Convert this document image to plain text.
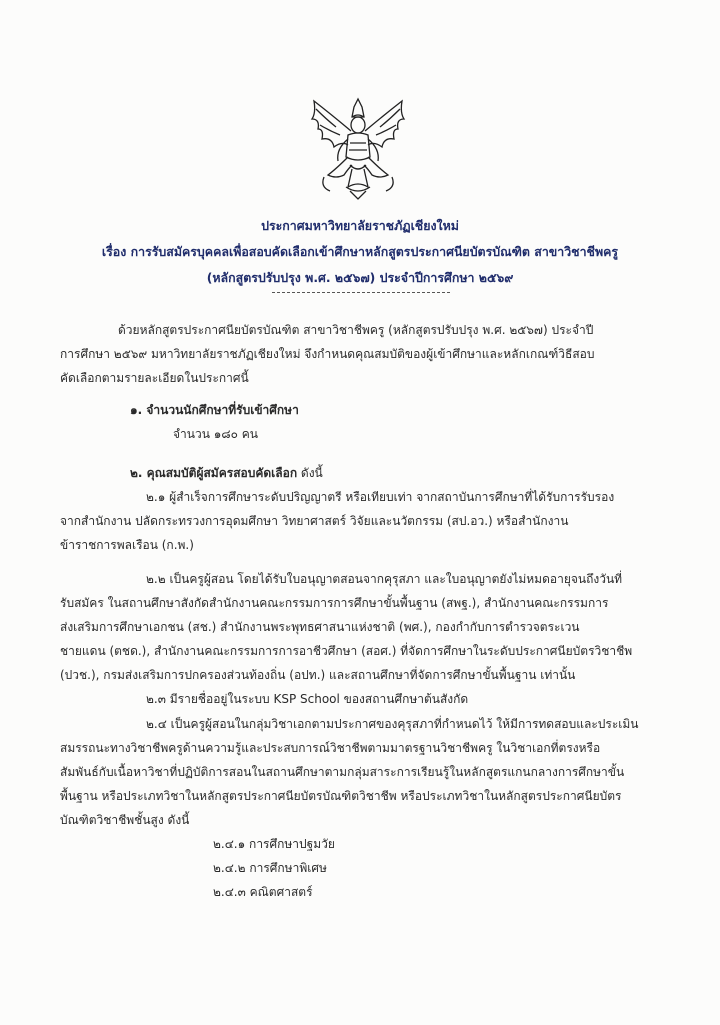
ประกาศมหาวิทยาลัยราชภัฏเชียงใหม่
เรื่อง การรับสมัครบุคคลเพื่อสอบคัดเลือกเข้าศึกษาหลักสูตรประกาศนียบัตรบัณฑิต สาขาวิชาชีพครู
(หลักสูตรปรับปรุง พ.ศ. ๒๕๖๗) ประจำปีการศึกษา ๒๕๖๙
ด้วยหลักสูตรประกาศนียบัตรบัณฑิต สาขาวิชาชีพครู (หลักสูตรปรับปรุง พ.ศ. ๒๕๖๗) ประจำปี
การศึกษา ๒๕๖๙ มหาวิทยาลัยราชภัฏเชียงใหม่ จึงกำหนดคุณสมบัติของผู้เข้าศึกษาและหลักเกณฑ์วิธีสอบ
คัดเลือกตามรายละเอียดในประกาศนี้
๑. จำนวนนักศึกษาที่รับเข้าศึกษา
จำนวน ๑๘๐ คน
๒. คุณสมบัติผู้สมัครสอบคัดเลือก ดังนี้
๒.๑ ผู้สำเร็จการศึกษาระดับปริญญาตรี หรือเทียบเท่า จากสถาบันการศึกษาที่ได้รับการรับรอง
จากสำนักงาน ปลัดกระทรวงการอุดมศึกษา วิทยาศาสตร์ วิจัยและนวัตกรรม (สป.อว.) หรือสำนักงาน
ข้าราชการพลเรือน (ก.พ.)
๒.๒ เป็นครูผู้สอน โดยได้รับใบอนุญาตสอนจากคุรุสภา และใบอนุญาตยังไม่หมดอายุจนถึงวันที่
รับสมัคร ในสถานศึกษาสังกัดสำนักงานคณะกรรมการการศึกษาขั้นพื้นฐาน (สพฐ.), สำนักงานคณะกรรมการ
ส่งเสริมการศึกษาเอกชน (สช.) สำนักงานพระพุทธศาสนาแห่งชาติ (พศ.), กองกำกับการตำรวจตระเวน
ชายแดน (ตชด.), สำนักงานคณะกรรมการการอาชีวศึกษา (สอศ.) ที่จัดการศึกษาในระดับประกาศนียบัตรวิชาชีพ
(ปวช.), กรมส่งเสริมการปกครองส่วนท้องถิ่น (อปท.) และสถานศึกษาที่จัดการศึกษาขั้นพื้นฐาน เท่านั้น
๒.๓ มีรายชื่ออยู่ในระบบ KSP School ของสถานศึกษาต้นสังกัด
๒.๔ เป็นครูผู้สอนในกลุ่มวิชาเอกตามประกาศของคุรุสภาที่กำหนดไว้ ให้มีการทดสอบและประเมิน
สมรรถนะทางวิชาชีพครูด้านความรู้และประสบการณ์วิชาชีพตามมาตรฐานวิชาชีพครู ในวิชาเอกที่ตรงหรือ
สัมพันธ์กับเนื้อหาวิชาที่ปฏิบัติการสอนในสถานศึกษาตามกลุ่มสาระการเรียนรู้ในหลักสูตรแกนกลางการศึกษาขั้น
พื้นฐาน หรือประเภทวิชาในหลักสูตรประกาศนียบัตรบัณฑิตวิชาชีพ หรือประเภทวิชาในหลักสูตรประกาศนียบัตร
บัณฑิตวิชาชีพชั้นสูง ดังนี้
๒.๔.๑ การศึกษาปฐมวัย
๒.๔.๒ การศึกษาพิเศษ
๒.๔.๓ คณิตศาสตร์
